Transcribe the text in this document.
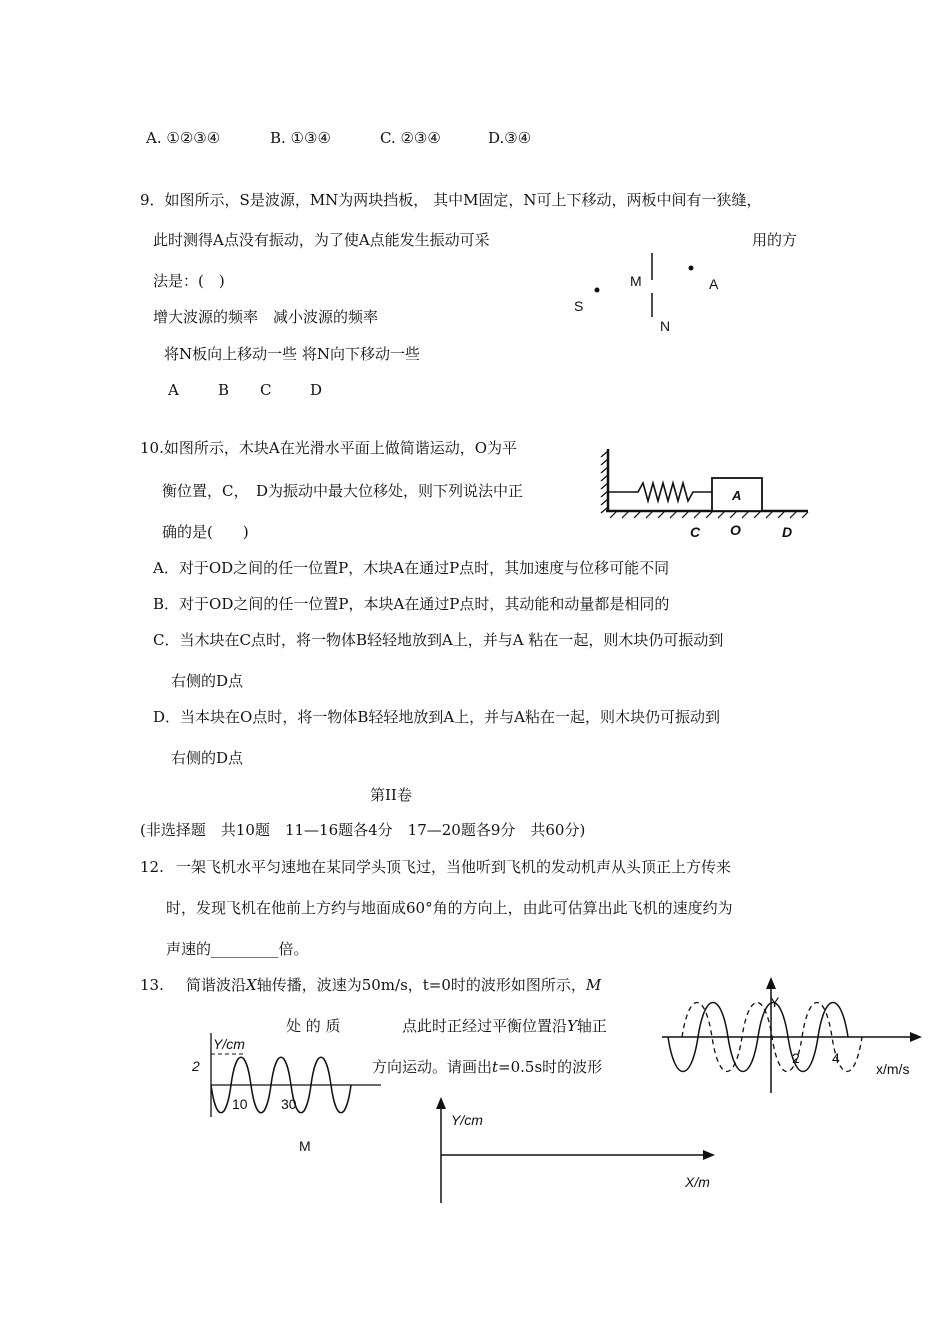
A. ①②③④	B. ①③④	C. ②③④	D.③④
9．如图所示，S是波源，MN为两块挡板， 其中M固定，N可上下移动，两板中间有一狭缝，
此时测得A点没有振动，为了使A点能发生振动可采	用的方
法是：(　)
增大波源的频率　减小波源的频率
将N板向上移动一些 将N向下移动一些
A	B C	D
M	A
S
N
10.如图所示，木块A在光滑水平面上做简谐运动，O为平
衡位置，C，　D为振动中最大位移处，则下列说法中正
确的是(　　)
A
C O	D
A．对于OD之间的任一位置P，木块A在通过P点时，其加速度与位移可能不同
B．对于OD之间的任一位置P，本块A在通过P点时，其动能和动量都是相同的
C．当木块在C点时，将一物体B轻轻地放到A上，并与A 粘在一起，则木块仍可振动到
右侧的D点
D．当本块在O点时，将一物体B轻轻地放到A上，并与A粘在一起，则木块仍可振动到
右侧的D点
第II卷
(非选择题　共10题　11—16题各4分　17—20题各9分　共60分)
12. 一架飞机水平匀速地在某同学头顶飞过，当他听到飞机的发动机声从头顶正上方传来
时，发现飞机在他前上方约与地面成60°角的方向上，由此可估算出此飞机的速度约为
声速的_________倍。
13. 简谐波沿X轴传播，波速为50m/s，t=0时的波形如图所示，M
处 的 质	点此时正经过平衡位置沿Y轴正
方向运动。请画出t=0.5s时的波形
Y/cm
2
10 30
M
Y/cm
X/m
Y
2 4
x/m/s
